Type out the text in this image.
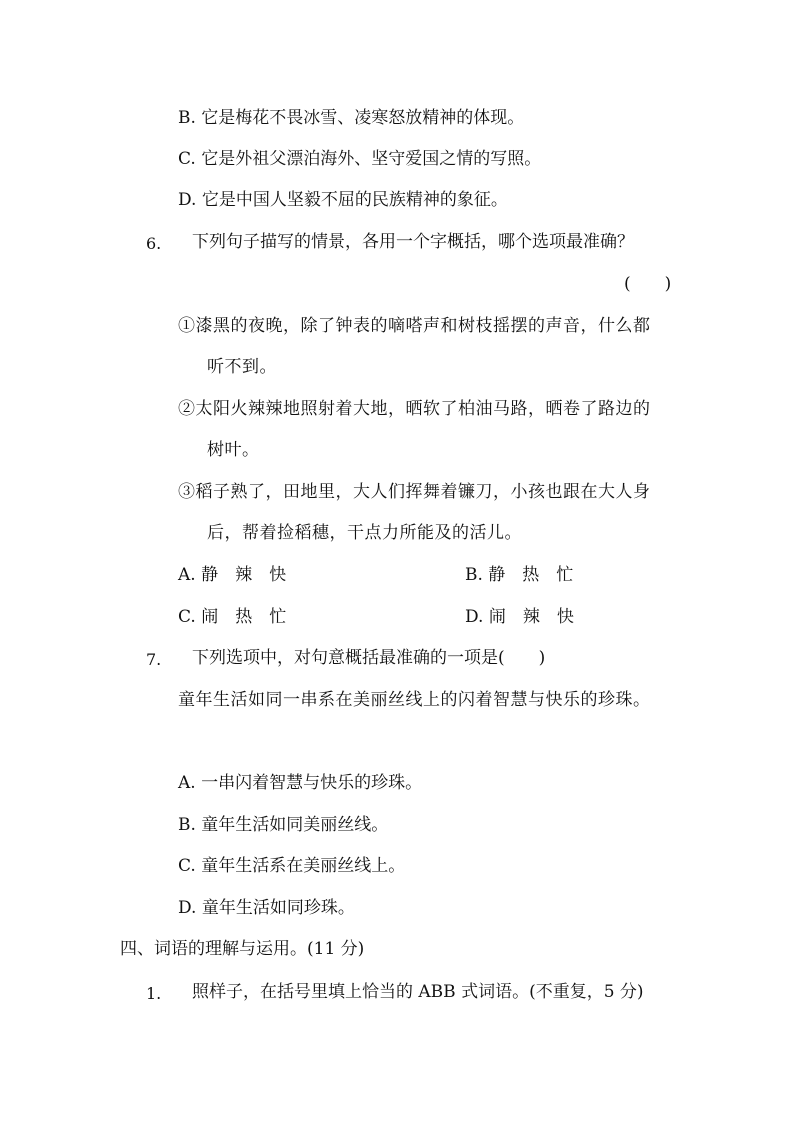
B. 它是梅花不畏冰雪、凌寒怒放精神的体现。
C. 它是外祖父漂泊海外、坚守爱国之情的写照。
D. 它是中国人坚毅不屈的民族精神的象征。
6. 下列句子描写的情景，各用一个字概括，哪个选项最准确？
(　　)
①漆黑的夜晚，除了钟表的嘀嗒声和树枝摇摆的声音，什么都
听不到。
②太阳火辣辣地照射着大地，晒软了柏油马路，晒卷了路边的
树叶。
③稻子熟了，田地里，大人们挥舞着镰刀，小孩也跟在大人身
后，帮着捡稻穗，干点力所能及的活儿。
A. 静　辣　快	B. 静　热　忙
C. 闹　热　忙	D. 闹　辣　快
7. 下列选项中，对句意概括最准确的一项是(　　)
童年生活如同一串系在美丽丝线上的闪着智慧与快乐的珍珠。
A. 一串闪着智慧与快乐的珍珠。
B. 童年生活如同美丽丝线。
C. 童年生活系在美丽丝线上。
D. 童年生活如同珍珠。
四、词语的理解与运用。(11 分)
1. 照样子，在括号里填上恰当的 ABB 式词语。(不重复，5 分)
